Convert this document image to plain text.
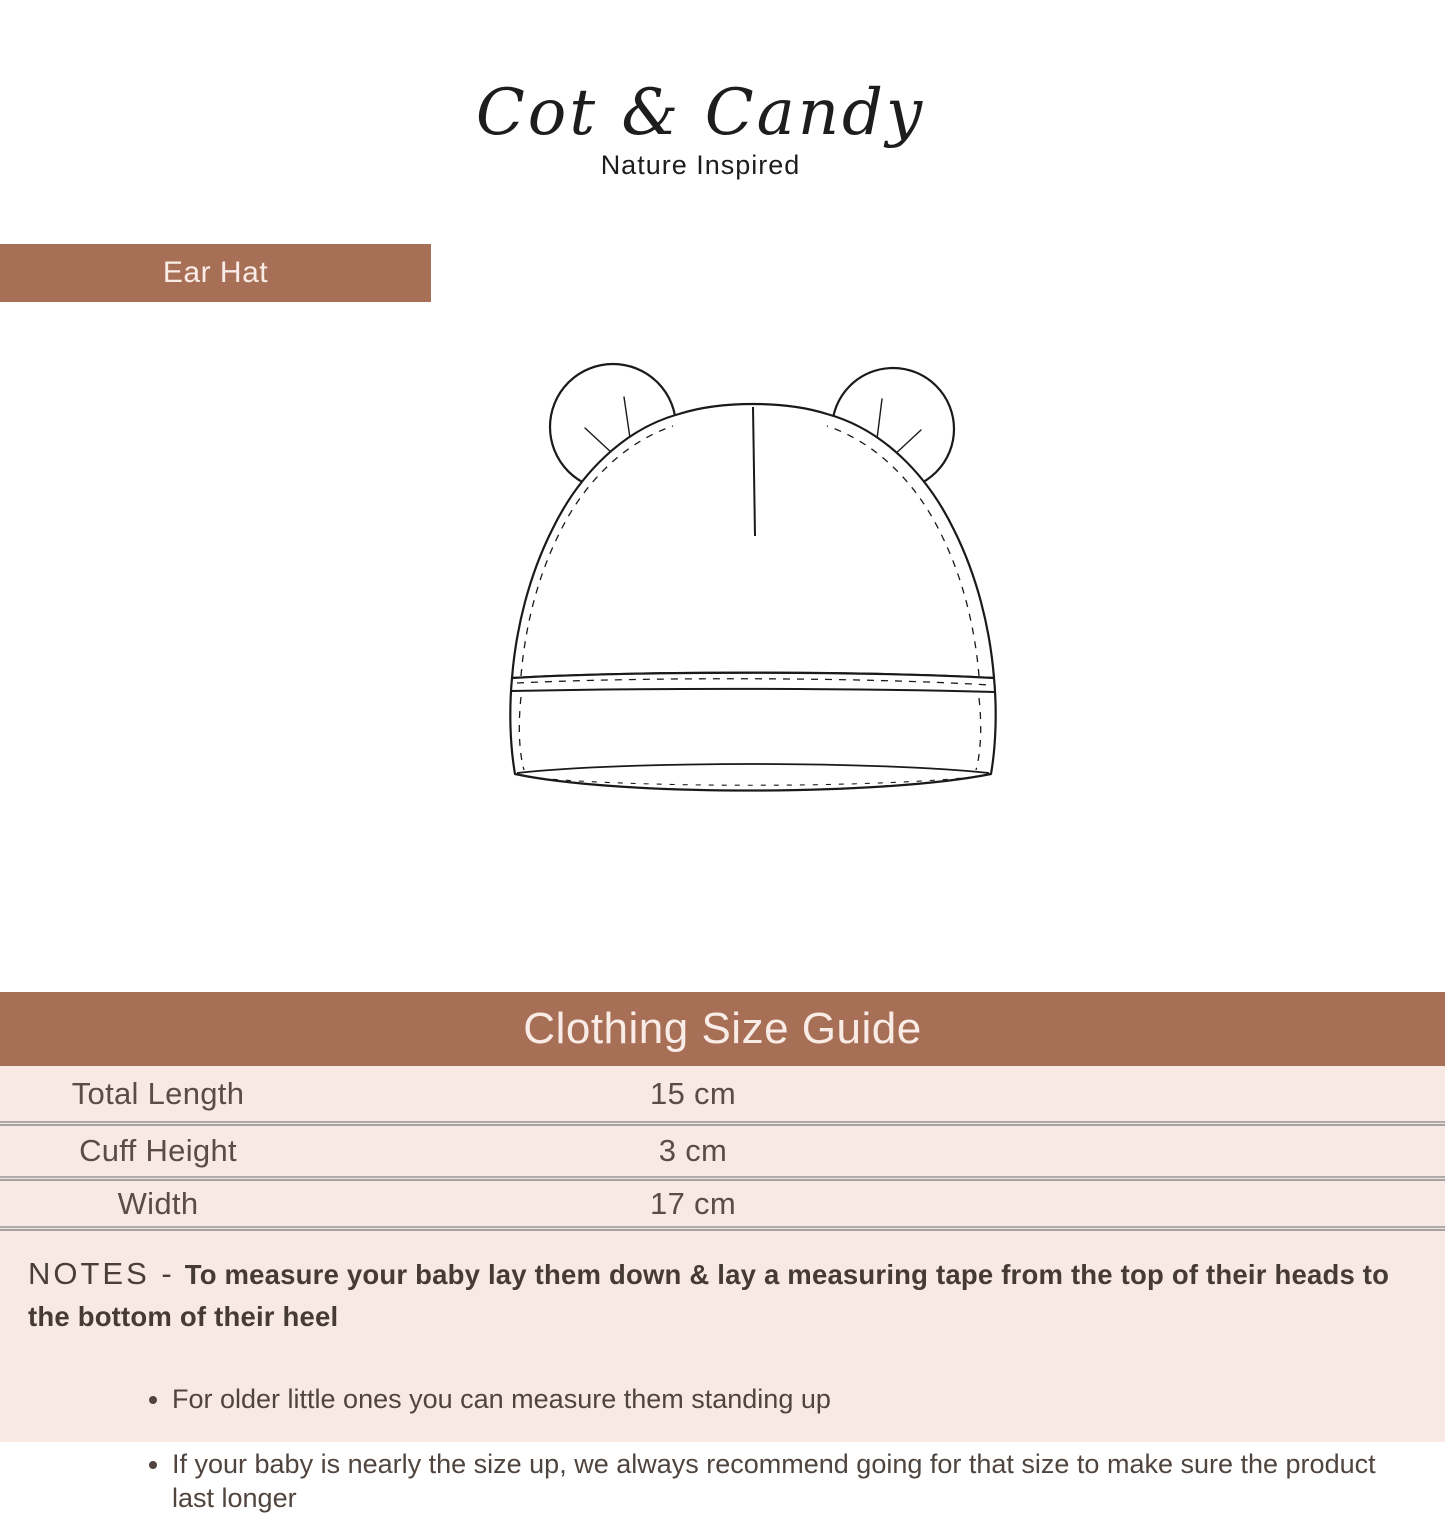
Cot & Candy
Nature Inspired
Ear Hat
Clothing Size Guide
Total Length	15 cm
Cuff Height	3 cm
Width	17 cm

NOTES - To measure your baby lay them down & lay a measuring tape from the top of their heads to the bottom of their heel

• For older little ones you can measure them standing up
• If your baby is nearly the size up, we always recommend going for that size to make sure the product last longer
